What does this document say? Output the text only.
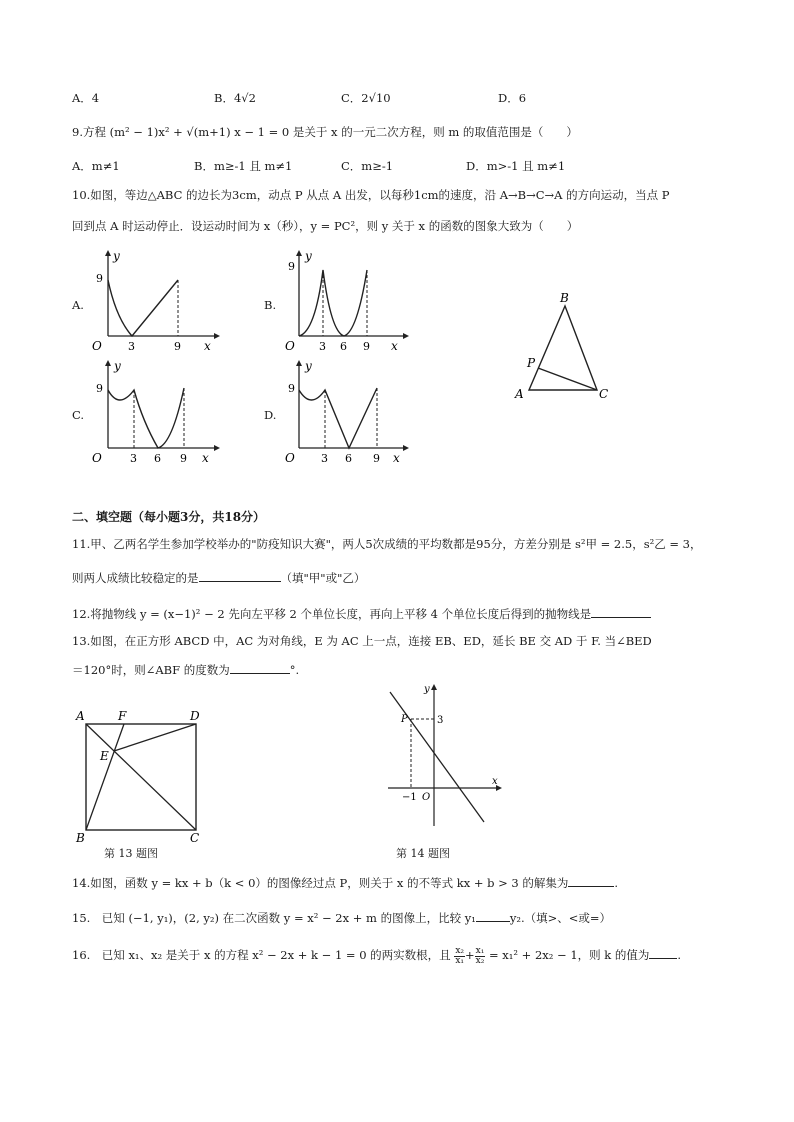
A．4	B．4√2	C．2√10	D．6
9.方程 (m² − 1)x² + √(m+1) x − 1 = 0 是关于 x 的一元二次方程，则 m 的取值范围是（　　）
A．m≠1	B．m≥-1 且 m≠1	C．m≥-1	D．m>-1 且 m≠1
10.如图，等边△ABC 的边长为3cm，动点 P 从点 A 出发，以每秒1cm的速度，沿 A→B→C→A 的方向运动，当点 P
回到点 A 时运动停止．设运动时间为 x（秒），y = PC²，则 y 关于 x 的函数的图象大致为（　　）
A.
y
9
O 3	9 x
B.
y
9
O 3 6 9 x
C.
y
9
O	3 6 9 x
D.
y
9
O 3 6 9 x
B
P
A	C
二、填空题（每小题3分，共18分）
11.甲、乙两名学生参加学校举办的"防疫知识大赛"，两人5次成绩的平均数都是95分，方差分别是 s²甲 = 2.5，s²乙 = 3，
则两人成绩比较稳定的是	（填"甲"或"乙）
12.将抛物线 y = (x−1)² − 2 先向左平移 2 个单位长度，再向上平移 4 个单位长度后得到的抛物线是
13.如图，在正方形 ABCD 中，AC 为对角线，E 为 AC 上一点，连接 EB、ED，延长 BE 交 AD 于 F. 当∠BED
＝120°时，则∠ABF 的度数为	°.
A	F	D
E
B	C
第 13 题图
y
x
O
P	3
−1
第 14 题图
14.如图，函数 y = kx + b（k < 0）的图像经过点 P，则关于 x 的不等式 kx + b > 3 的解集为	.
15.　已知 (−1, y₁)，(2, y₂) 在二次函数 y = x² − 2x + m 的图像上，比较 y₁	y₂.（填>、<或=）
16.　已知 x₁、x₂ 是关于 x 的方程 x² − 2x + k − 1 = 0 的两实数根，且 $\frac{\text{x₂}}{\text{x₁}} + \frac{\text{x₁}}{\text{x₂}} = x_1^2 + 2x_2 - 1$，则 k 的值为 .
